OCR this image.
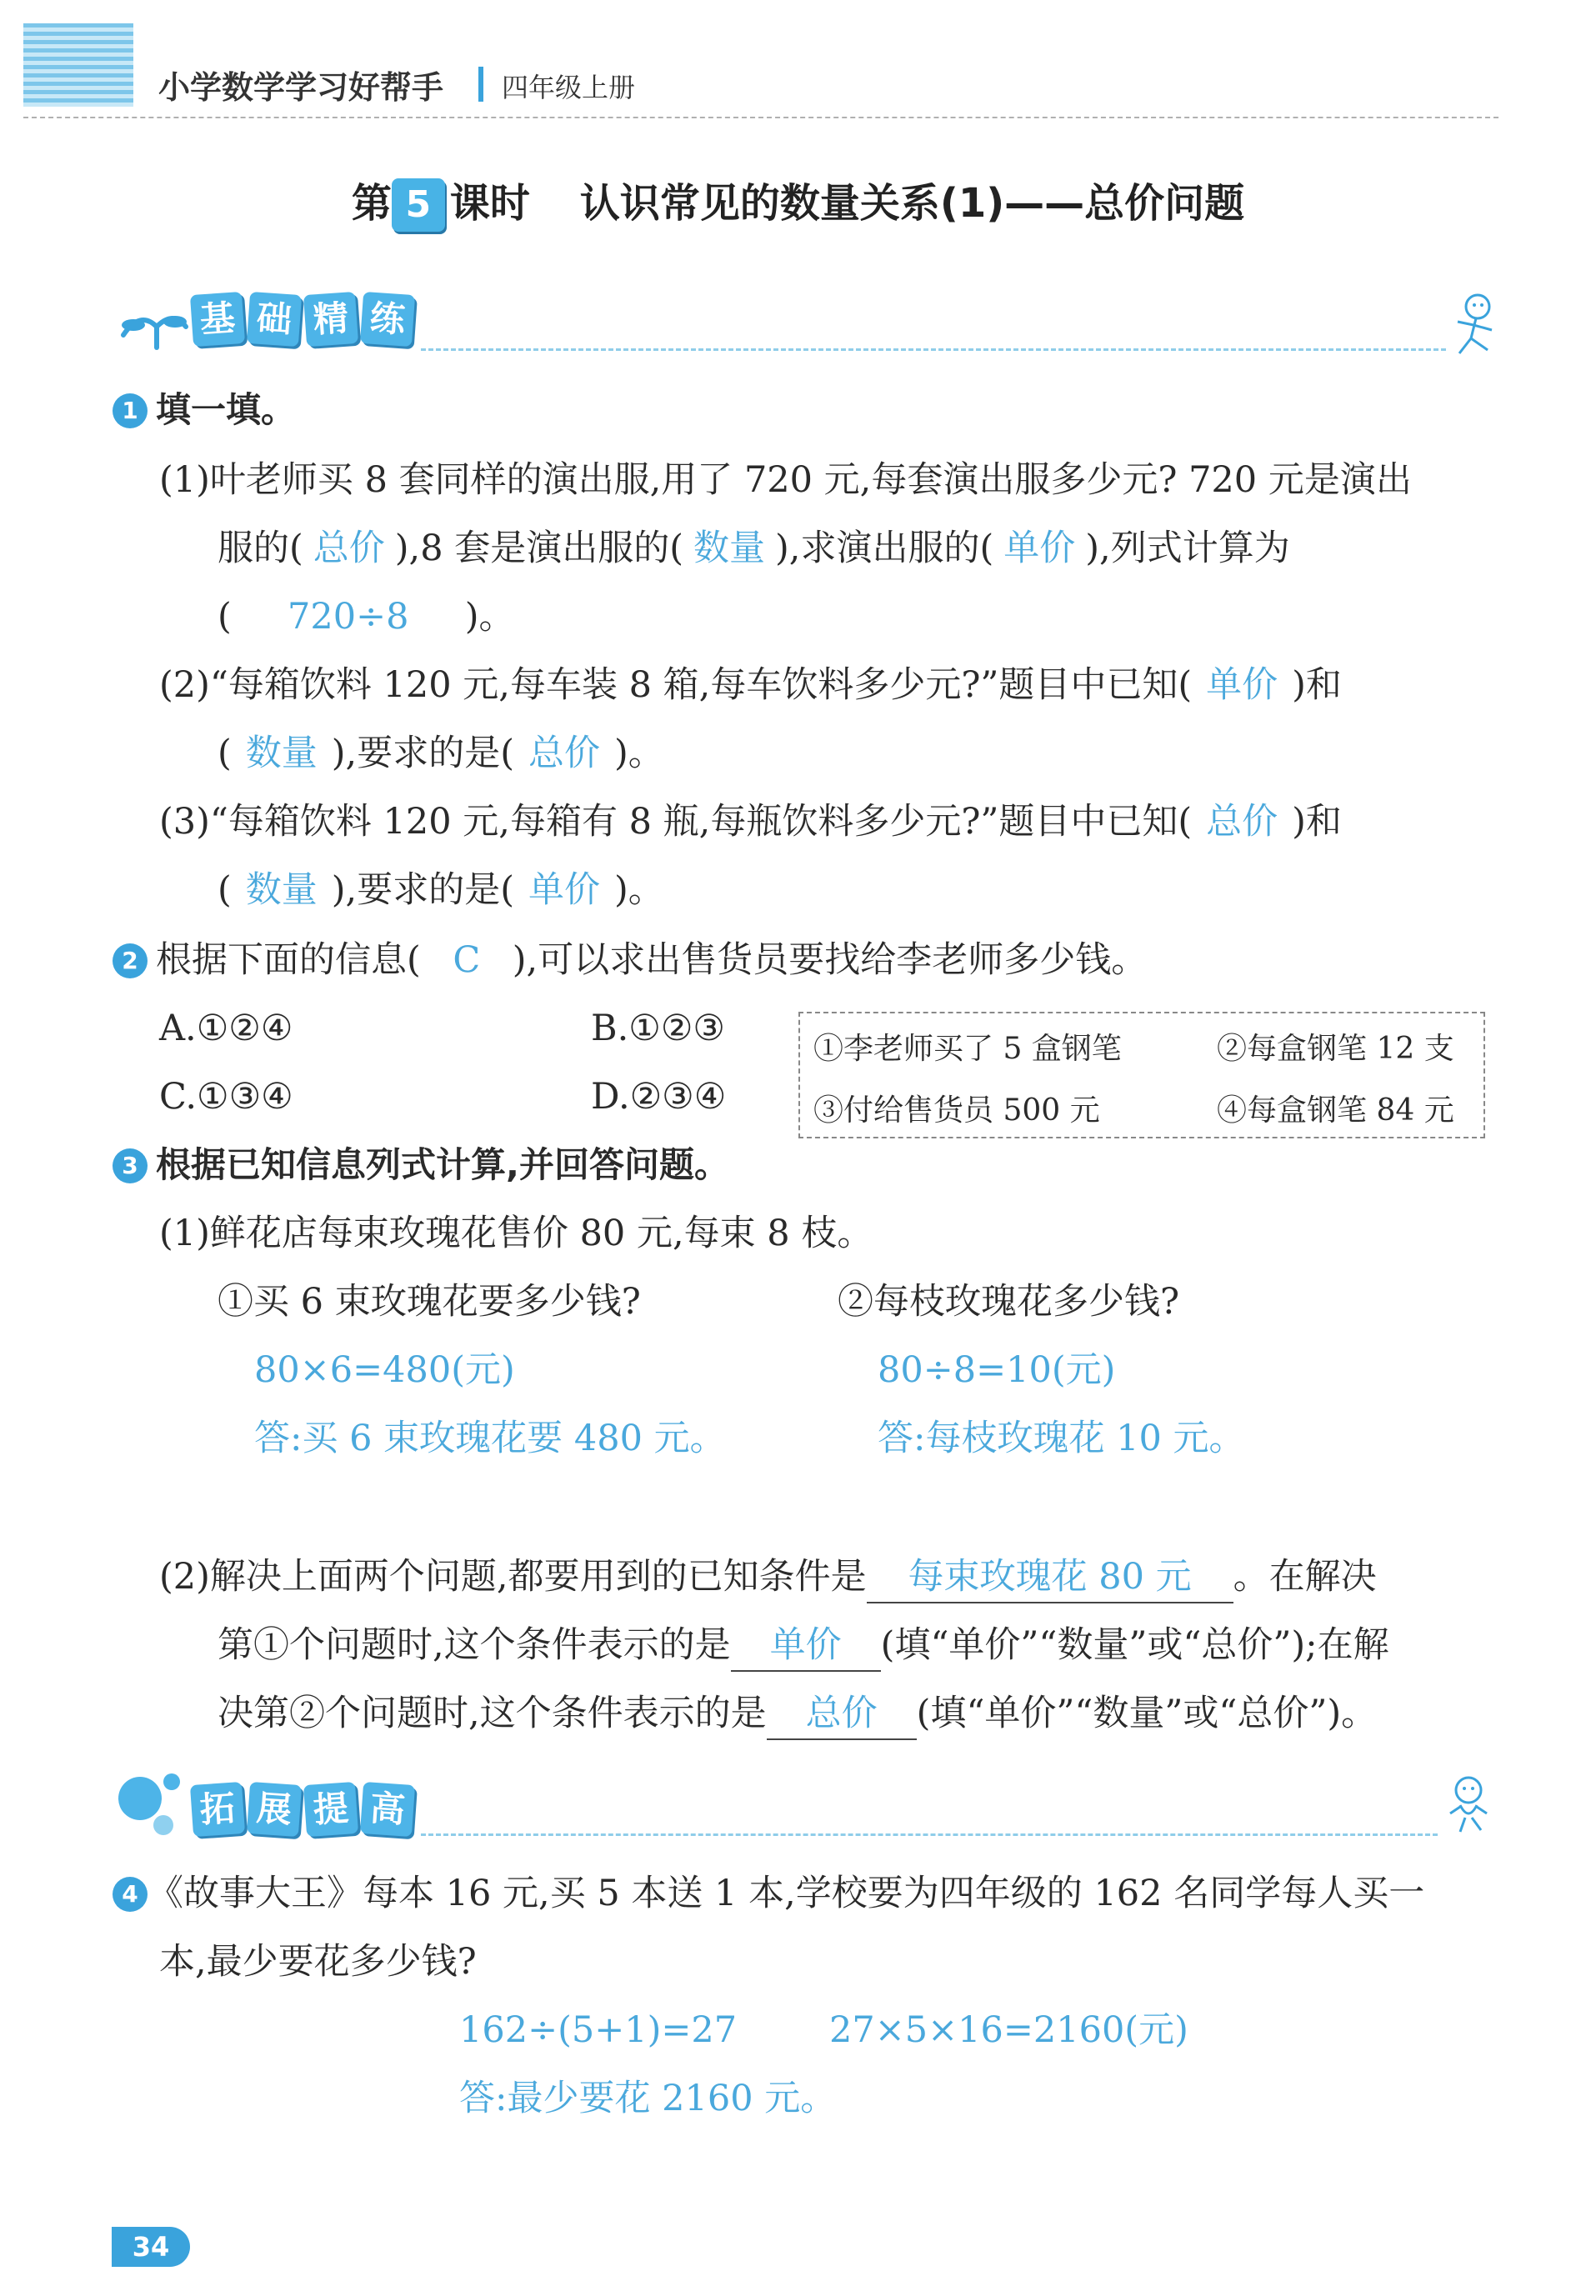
小学数学学习好帮手 四年级上册
第 5 课时 认识常见的数量关系(1)——总价问题
基 础 精 练
1 填一填。
(1)叶老师买 8 套同样的演出服,用了 720 元,每套演出服多少元? 720 元是演出
服的( 总价 ),8 套是演出服的( 数量 ),求演出服的( 单价 ),列式计算为
( 720÷8 )。
(2)“每箱饮料 120 元,每车装 8 箱,每车饮料多少元?”题目中已知( 单价 )和
( 数量 ),要求的是( 总价 )。
(3)“每箱饮料 120 元,每箱有 8 瓶,每瓶饮料多少元?”题目中已知( 总价 )和
( 数量 ),要求的是( 单价 )。
2 根据下面的信息( C ),可以求出售货员要找给李老师多少钱。
A.①②④	B.①②③
C.①③④	D.②③④
①李老师买了 5 盒钢笔	②每盒钢笔 12 支
③付给售货员 500 元	④每盒钢笔 84 元
3 根据已知信息列式计算,并回答问题。
(1)鲜花店每束玫瑰花售价 80 元,每束 8 枝。
①买 6 束玫瑰花要多少钱?	②每枝玫瑰花多少钱?
80×6=480(元)	80÷8=10(元)
答:买 6 束玫瑰花要 480 元。	答:每枝玫瑰花 10 元。
(2)解决上面两个问题,都要用到的已知条件是 每束玫瑰花 80 元 。在解决
第①个问题时,这个条件表示的是 单价 (填“单价”“数量”或“总价”);在解
决第②个问题时,这个条件表示的是 总价 (填“单价”“数量”或“总价”)。
拓 展 提 高
4 《故事大王》每本 16 元,买 5 本送 1 本,学校要为四年级的 162 名同学每人买一
本,最少要花多少钱?
162÷(5+1)=27	27×5×16=2160(元)
答:最少要花 2160 元。
34
